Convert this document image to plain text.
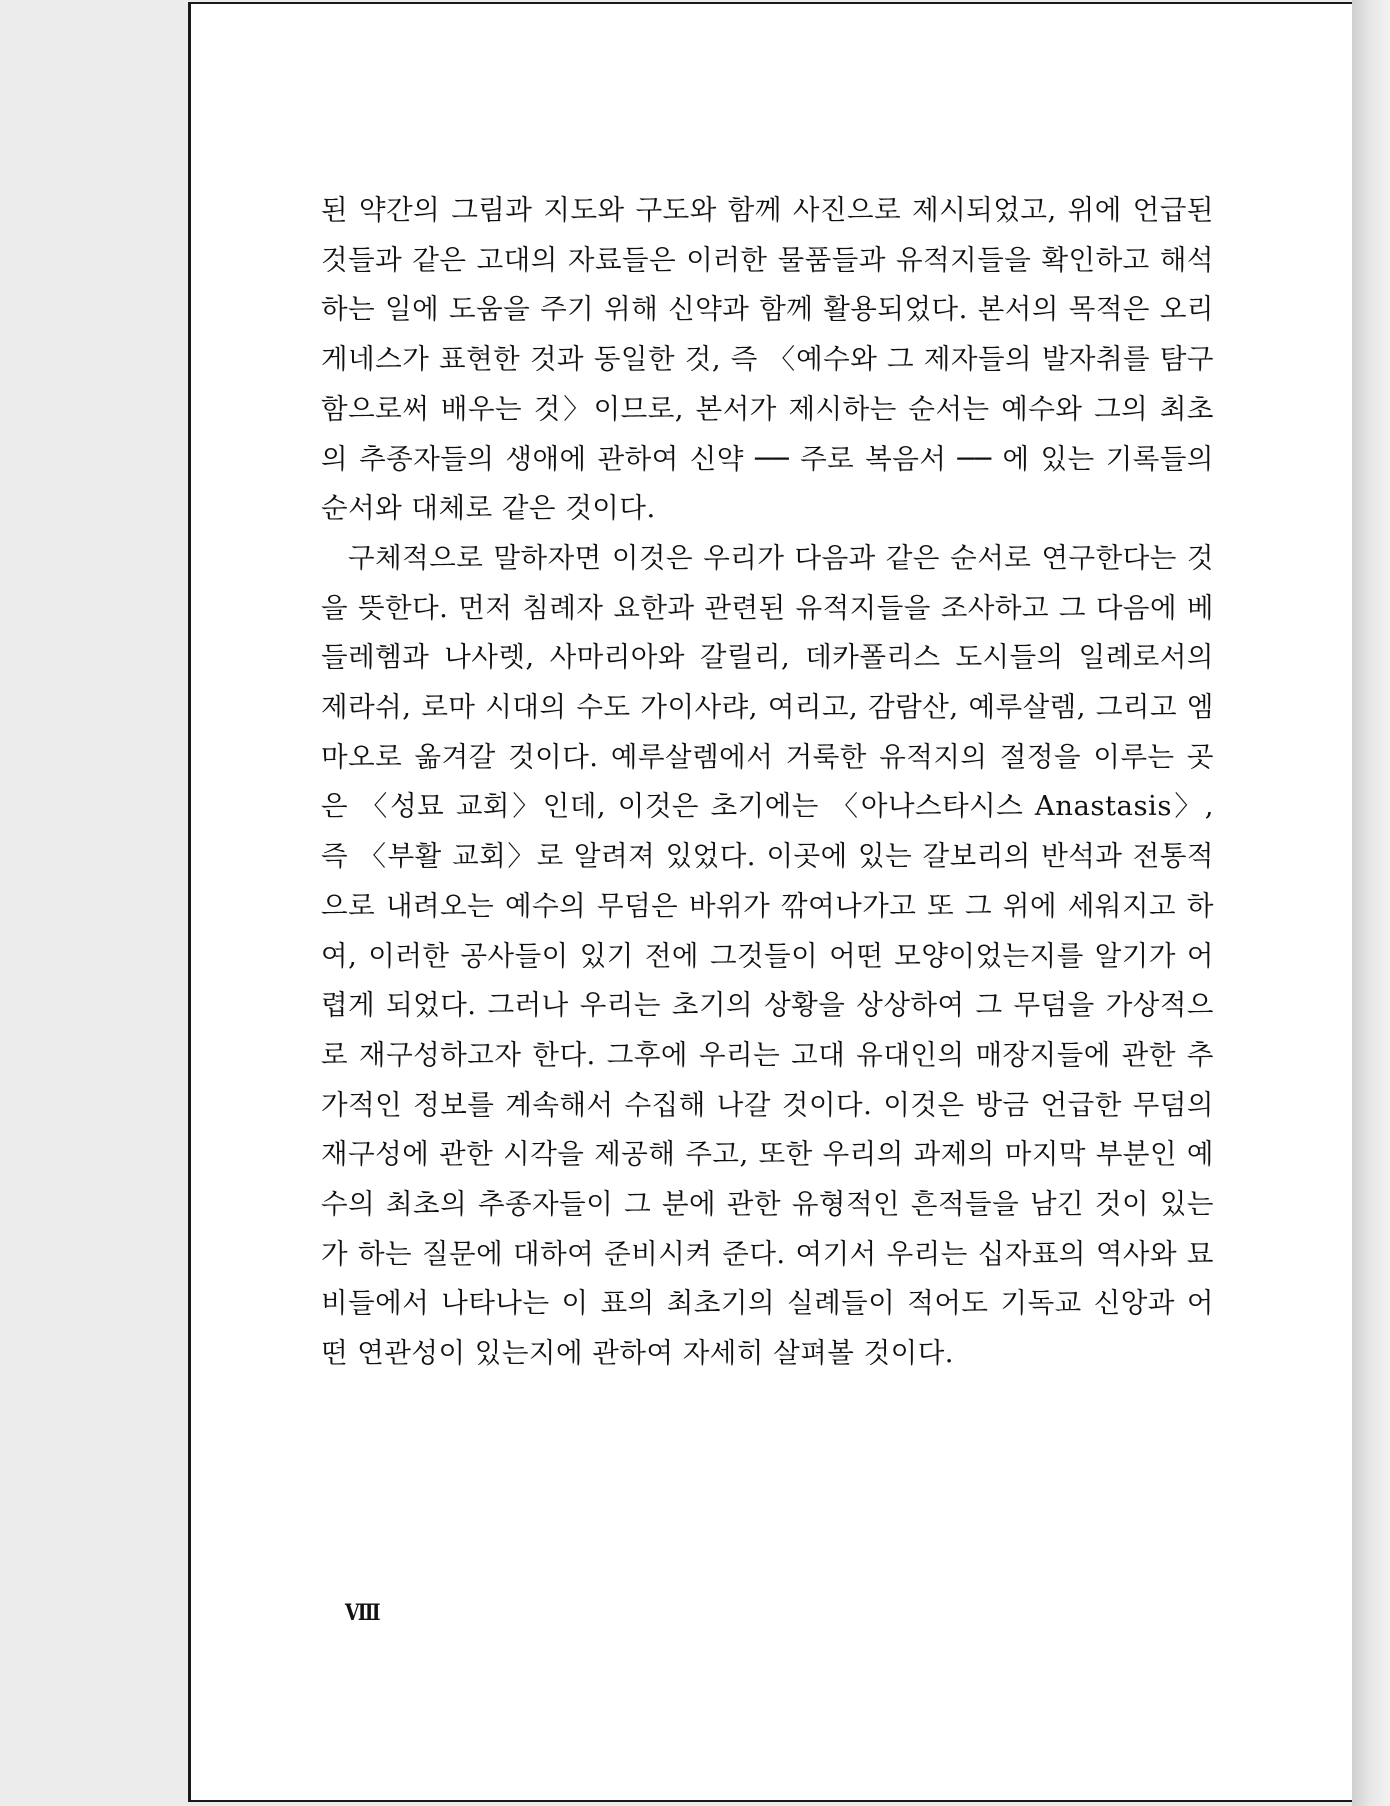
된 약간의 그림과 지도와 구도와 함께 사진으로 제시되었고, 위에 언급된 것들과 같은 고대의 자료들은 이러한 물품들과 유적지들을 확인하고 해석하는 일에 도움을 주기 위해 신약과 함께 활용되었다. 본서의 목적은 오리게네스가 표현한 것과 동일한 것, 즉 〈예수와 그 제자들의 발자취를 탐구함으로써 배우는 것〉이므로, 본서가 제시하는 순서는 예수와 그의 최초의 추종자들의 생애에 관하여 신약 ── 주로 복음서 ── 에 있는 기록들의 순서와 대체로 같은 것이다.

구체적으로 말하자면 이것은 우리가 다음과 같은 순서로 연구한다는 것을 뜻한다. 먼저 침례자 요한과 관련된 유적지들을 조사하고 그 다음에 베들레헴과 나사렛, 사마리아와 갈릴리, 데카폴리스 도시들의 일례로서의 제라쉬, 로마 시대의 수도 가이사랴, 여리고, 감람산, 예루살렘, 그리고 엠마오로 옮겨갈 것이다. 예루살렘에서 거룩한 유적지의 절정을 이루는 곳은 〈성묘 교회〉인데, 이것은 초기에는 〈아나스타시스 Anastasis〉, 즉 〈부활 교회〉로 알려져 있었다. 이곳에 있는 갈보리의 반석과 전통적으로 내려오는 예수의 무덤은 바위가 깎여나가고 또 그 위에 세워지고 하여, 이러한 공사들이 있기 전에 그것들이 어떤 모양이었는지를 알기가 어렵게 되었다. 그러나 우리는 초기의 상황을 상상하여 그 무덤을 가상적으로 재구성하고자 한다. 그후에 우리는 고대 유대인의 매장지들에 관한 추가적인 정보를 계속해서 수집해 나갈 것이다. 이것은 방금 언급한 무덤의 재구성에 관한 시각을 제공해 주고, 또한 우리의 과제의 마지막 부분인 예수의 최초의 추종자들이 그 분에 관한 유형적인 흔적들을 남긴 것이 있는가 하는 질문에 대하여 준비시켜 준다. 여기서 우리는 십자표의 역사와 묘비들에서 나타나는 이 표의 최초기의 실례들이 적어도 기독교 신앙과 어떤 연관성이 있는지에 관하여 자세히 살펴볼 것이다.

Ⅷ
